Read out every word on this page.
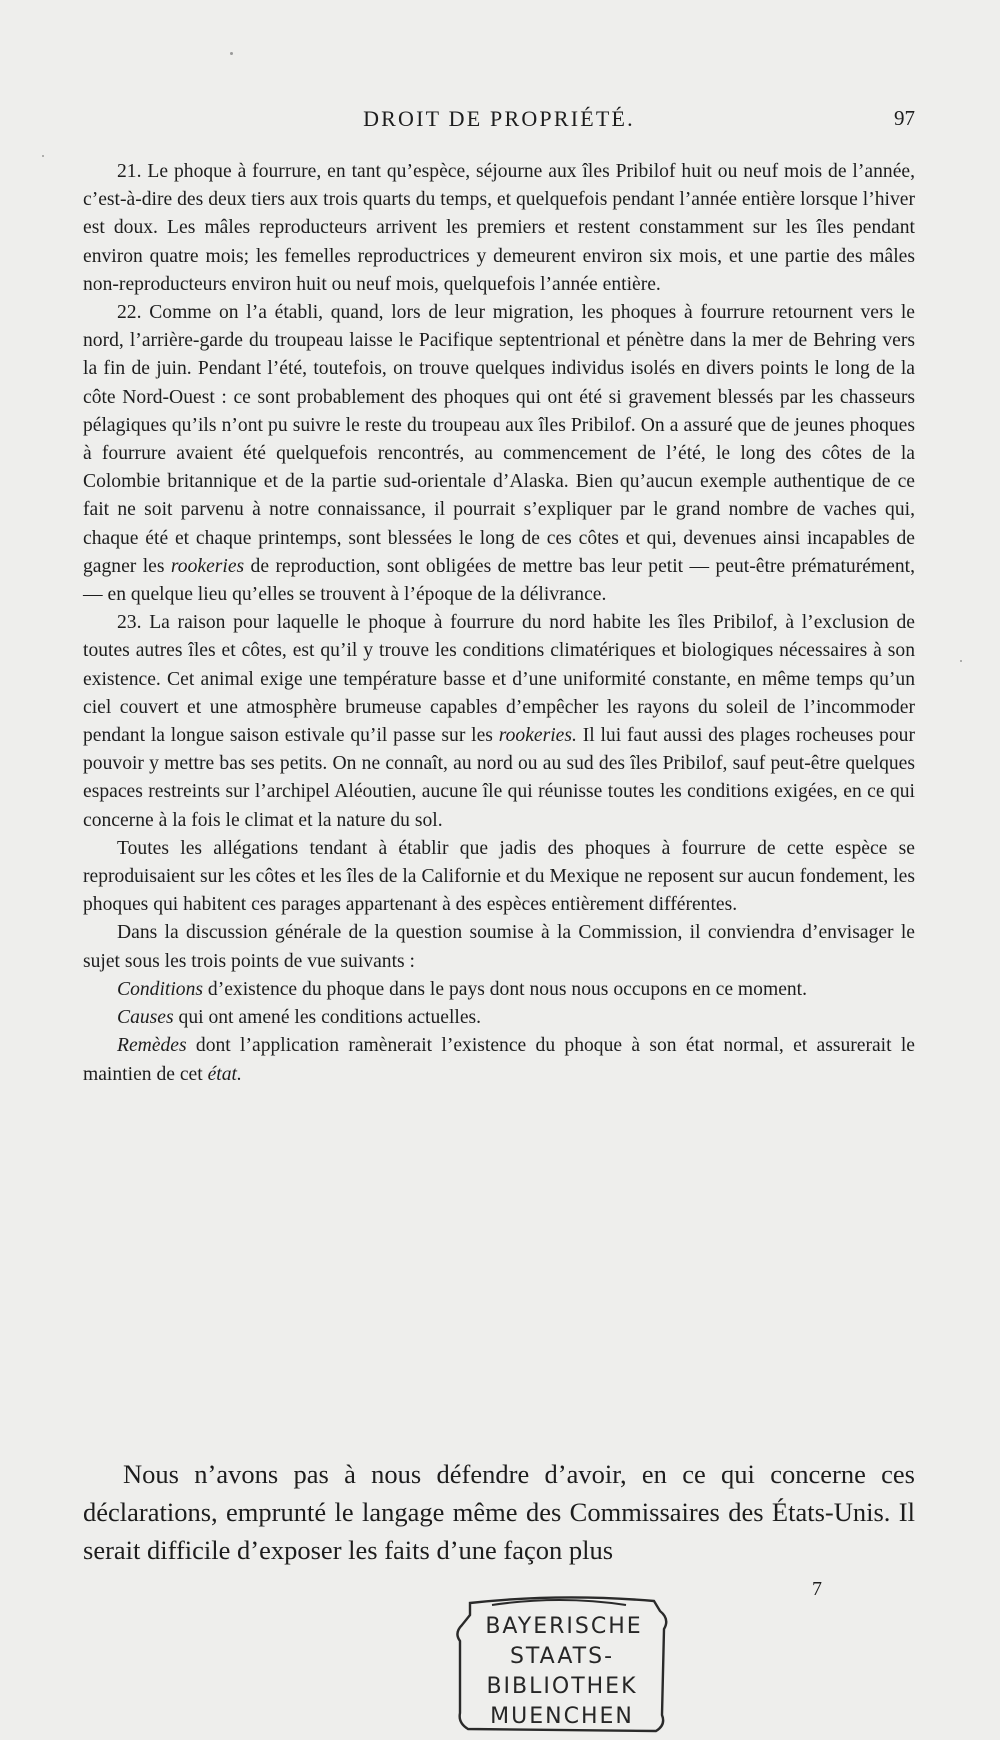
DROIT DE PROPRIÉTÉ.	97

21. Le phoque à fourrure, en tant qu’espèce, séjourne aux îles Pribilof huit ou neuf mois de l’année, c’est-à-dire des deux tiers aux trois quarts du temps, et quelquefois pendant l’année entière lorsque l’hiver est doux. Les mâles reproducteurs arrivent les premiers et restent constamment sur les îles pendant environ quatre mois; les femelles reproductrices y demeurent environ six mois, et une partie des mâles non-reproducteurs environ huit ou neuf mois, quelquefois l’année entière.

22. Comme on l’a établi, quand, lors de leur migration, les phoques à fourrure retournent vers le nord, l’arrière-garde du troupeau laisse le Pacifique septentrional et pénètre dans la mer de Behring vers la fin de juin. Pendant l’été, toutefois, on trouve quelques individus isolés en divers points le long de la côte Nord-Ouest : ce sont probablement des phoques qui ont été si gravement blessés par les chasseurs pélagiques qu’ils n’ont pu suivre le reste du troupeau aux îles Pribilof. On a assuré que de jeunes phoques à fourrure avaient été quelquefois rencontrés, au commencement de l’été, le long des côtes de la Colombie britannique et de la partie sud-orientale d’Alaska. Bien qu’aucun exemple authentique de ce fait ne soit parvenu à notre connaissance, il pourrait s’expliquer par le grand nombre de vaches qui, chaque été et chaque printemps, sont blessées le long de ces côtes et qui, devenues ainsi incapables de gagner les rookeries de reproduction, sont obligées de mettre bas leur petit — peut-être prématurément, — en quelque lieu qu’elles se trouvent à l’époque de la délivrance.

23. La raison pour laquelle le phoque à fourrure du nord habite les îles Pribilof, à l’exclusion de toutes autres îles et côtes, est qu’il y trouve les conditions climatériques et biologiques nécessaires à son existence. Cet animal exige une température basse et d’une uniformité constante, en même temps qu’un ciel couvert et une atmosphère brumeuse capables d’empêcher les rayons du soleil de l’incommoder pendant la longue saison estivale qu’il passe sur les rookeries. Il lui faut aussi des plages rocheuses pour pouvoir y mettre bas ses petits. On ne connaît, au nord ou au sud des îles Pribilof, sauf peut-être quelques espaces restreints sur l’archipel Aléoutien, aucune île qui réunisse toutes les conditions exigées, en ce qui concerne à la fois le climat et la nature du sol.

Toutes les allégations tendant à établir que jadis des phoques à fourrure de cette espèce se reproduisaient sur les côtes et les îles de la Californie et du Mexique ne reposent sur aucun fondement, les phoques qui habitent ces parages appartenant à des espèces entièrement différentes.

Dans la discussion générale de la question soumise à la Commission, il conviendra d’envisager le sujet sous les trois points de vue suivants :

Conditions d’existence du phoque dans le pays dont nous nous occupons en ce moment.

Causes qui ont amené les conditions actuelles.

Remèdes dont l’application ramènerait l’existence du phoque à son état normal, et assurerait le maintien de cet état.

Nous n’avons pas à nous défendre d’avoir, en ce qui concerne ces déclarations, emprunté le langage même des Commissaires des États-Unis. Il serait difficile d’exposer les faits d’une façon plus

7
BAYERISCHE
STAATS-
BIBLIOTHEK
MUENCHEN
